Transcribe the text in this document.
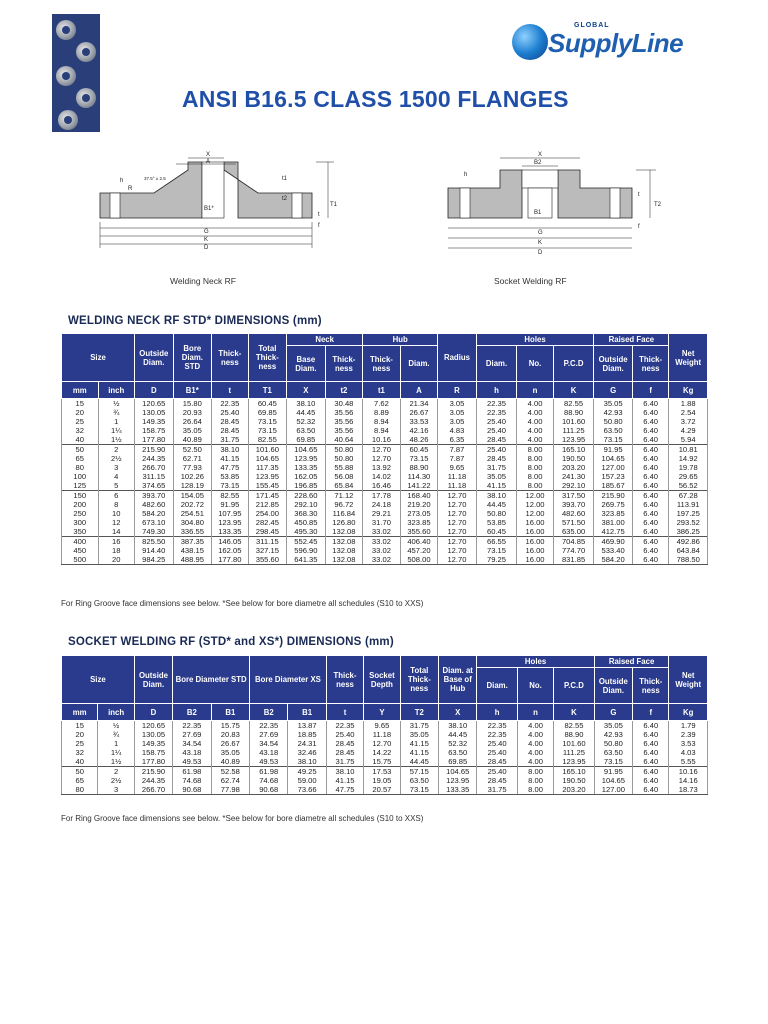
GLOBAL
SupplyLine
ANSI B16.5 CLASS 1500 FLANGES
X
A
37.5° ± 2.5
h
R
B1*
t1
t2
T1
t
f
G
K
D
Welding Neck RF
X
B2
h
B1
t
T2
f
G
K
D
Socket Welding RF
WELDING NECK RF STD* DIMENSIONS (mm)
Size		Outside Diam.	Bore Diam. STD	Thick-ness	Total Thick-ness	Neck		Hub		Radius	Holes			Raised Face		Net Weight
						Base Diam.	Thick-ness	Thick-ness	Diam.		Diam.	No.	P.C.D	Outside Diam.	Thick-ness	
mm	inch	D	B1*	t	T1	X	t2	t1	A	R	h	n	K	G	f	Kg
15	½	120.65	15.80	22.35	60.45	38.10	30.48	7.62	21.34	3.05	22.35	4.00	82.55	35.05	6.40	1.88
20	¾	130.05	20.93	25.40	69.85	44.45	35.56	8.89	26.67	3.05	22.35	4.00	88.90	42.93	6.40	2.54
25	1	149.35	26.64	28.45	73.15	52.32	35.56	8.94	33.53	3.05	25.40	4.00	101.60	50.80	6.40	3.72
32	1¼	158.75	35.05	28.45	73.15	63.50	35.56	8.94	42.16	4.83	25.40	4.00	111.25	63.50	6.40	4.29
40	1½	177.80	40.89	31.75	82.55	69.85	40.64	10.16	48.26	6.35	28.45	4.00	123.95	73.15	6.40	5.94
50	2	215.90	52.50	38.10	101.60	104.65	50.80	12.70	60.45	7.87	25.40	8.00	165.10	91.95	6.40	10.81
65	2½	244.35	62.71	41.15	104.65	123.95	50.80	12.70	73.15	7.87	28.45	8.00	190.50	104.65	6.40	14.92
80	3	266.70	77.93	47.75	117.35	133.35	55.88	13.92	88.90	9.65	31.75	8.00	203.20	127.00	6.40	19.78
100	4	311.15	102.26	53.85	123.95	162.05	56.08	14.02	114.30	11.18	35.05	8.00	241.30	157.23	6.40	29.65
125	5	374.65	128.19	73.15	155.45	196.85	65.84	16.46	141.22	11.18	41.15	8.00	292.10	185.67	6.40	56.52
150	6	393.70	154.05	82.55	171.45	228.60	71.12	17.78	168.40	12.70	38.10	12.00	317.50	215.90	6.40	67.28
200	8	482.60	202.72	91.95	212.85	292.10	96.72	24.18	219.20	12.70	44.45	12.00	393.70	269.75	6.40	113.91
250	10	584.20	254.51	107.95	254.00	368.30	116.84	29.21	273.05	12.70	50.80	12.00	482.60	323.85	6.40	197.25
300	12	673.10	304.80	123.95	282.45	450.85	126.80	31.70	323.85	12.70	53.85	16.00	571.50	381.00	6.40	293.52
350	14	749.30	336.55	133.35	298.45	495.30	132.08	33.02	355.60	12.70	60.45	16.00	635.00	412.75	6.40	386.25
400	16	825.50	387.35	146.05	311.15	552.45	132.08	33.02	406.40	12.70	66.55	16.00	704.85	469.90	6.40	492.86
450	18	914.40	438.15	162.05	327.15	596.90	132.08	33.02	457.20	12.70	73.15	16.00	774.70	533.40	6.40	643.84
500	20	984.25	488.95	177.80	355.60	641.35	132.08	33.02	508.00	12.70	79.25	16.00	831.85	584.20	6.40	788.50
For Ring Groove face dimensions see below. *See below for bore diametre all schedules (S10 to XXS)
SOCKET WELDING RF (STD* and XS*) DIMENSIONS (mm)
Size		Outside Diam.	Bore Diameter STD		Bore Diameter XS		Thick-ness	Socket Depth	Total Thick-ness	Diam. at Base of Hub	Holes			Raised Face		Net Weight
											Diam.	No.	P.C.D	Outside Diam.	Thick-ness	
mm	inch	D	B2	B1	B2	B1	t	Y	T2	X	h	n	K	G	f	Kg
15	½	120.65	22.35	15.75	22.35	13.87	22.35	9.65	31.75	38.10	22.35	4.00	82.55	35.05	6.40	1.79
20	¾	130.05	27.69	20.83	27.69	18.85	25.40	11.18	35.05	44.45	22.35	4.00	88.90	42.93	6.40	2.39
25	1	149.35	34.54	26.67	34.54	24.31	28.45	12.70	41.15	52.32	25.40	4.00	101.60	50.80	6.40	3.53
32	1¼	158.75	43.18	35.05	43.18	32.46	28.45	14.22	41.15	63.50	25.40	4.00	111.25	63.50	6.40	4.03
40	1½	177.80	49.53	40.89	49.53	38.10	31.75	15.75	44.45	69.85	28.45	4.00	123.95	73.15	6.40	5.55
50	2	215.90	61.98	52.58	61.98	49.25	38.10	17.53	57.15	104.65	25.40	8.00	165.10	91.95	6.40	10.16
65	2½	244.35	74.68	62.74	74.68	59.00	41.15	19.05	63.50	123.95	28.45	8.00	190.50	104.65	6.40	14.16
80	3	266.70	90.68	77.98	90.68	73.66	47.75	20.57	73.15	133.35	31.75	8.00	203.20	127.00	6.40	18.73
For Ring Groove face dimensions see below. *See below for bore diametre all schedules (S10 to XXS)
